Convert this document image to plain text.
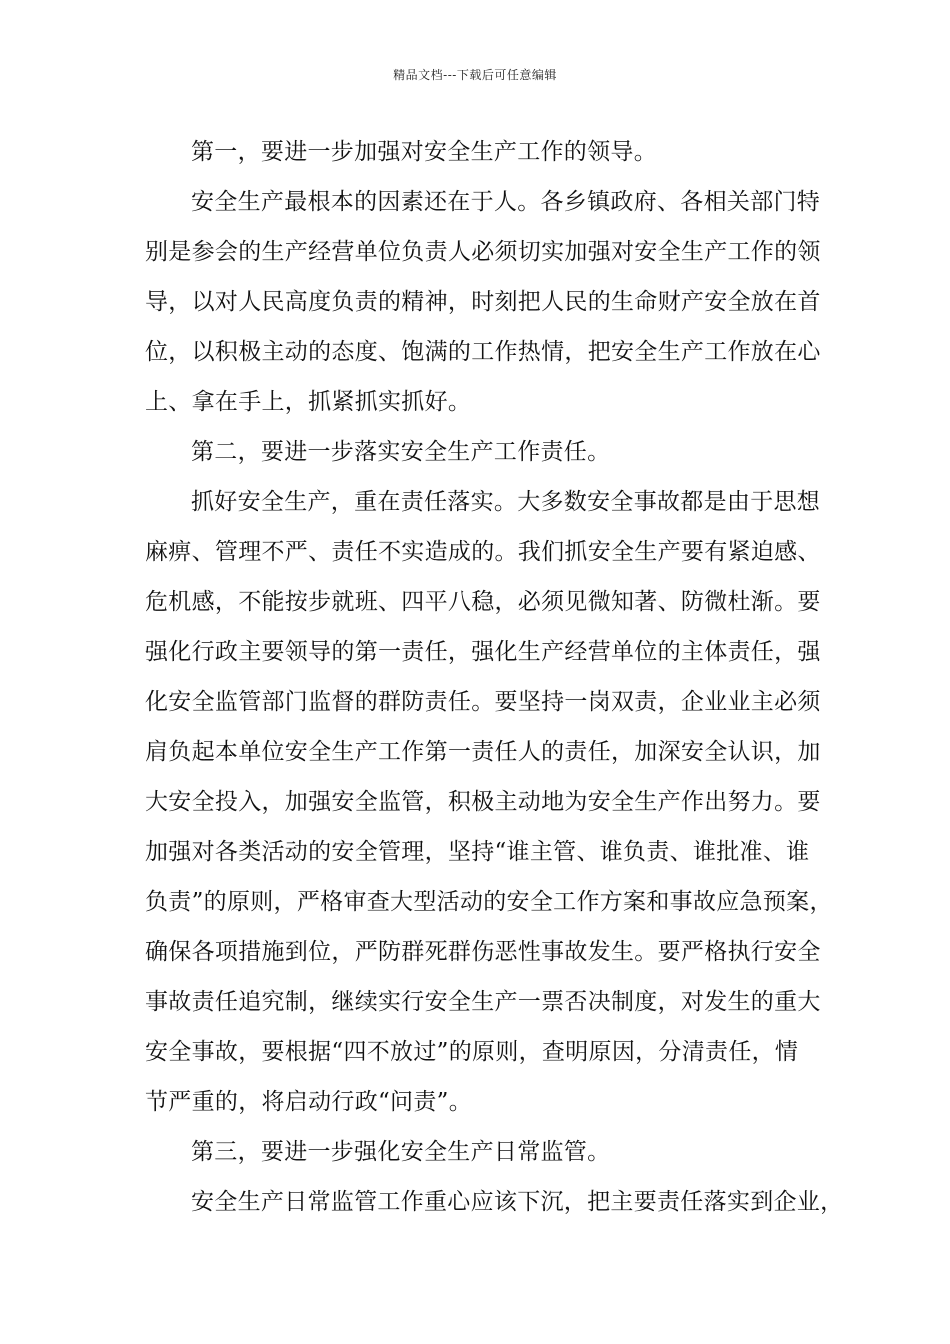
精品文档---下载后可任意编辑
第一，要进一步加强对安全生产工作的领导。
安全生产最根本的因素还在于人。各乡镇政府、各相关部门特
别是参会的生产经营单位负责人必须切实加强对安全生产工作的领
导，以对人民高度负责的精神，时刻把人民的生命财产安全放在首
位，以积极主动的态度、饱满的工作热情，把安全生产工作放在心
上、拿在手上，抓紧抓实抓好。
第二，要进一步落实安全生产工作责任。
抓好安全生产，重在责任落实。大多数安全事故都是由于思想
麻痹、管理不严、责任不实造成的。我们抓安全生产要有紧迫感、
危机感，不能按步就班、四平八稳，必须见微知著、防微杜渐。要
强化行政主要领导的第一责任，强化生产经营单位的主体责任，强
化安全监管部门监督的群防责任。要坚持一岗双责，企业业主必须
肩负起本单位安全生产工作第一责任人的责任，加深安全认识，加
大安全投入，加强安全监管，积极主动地为安全生产作出努力。要
加强对各类活动的安全管理，坚持“谁主管、谁负责、谁批准、谁
负责”的原则，严格审查大型活动的安全工作方案和事故应急预案，
确保各项措施到位，严防群死群伤恶性事故发生。要严格执行安全
事故责任追究制，继续实行安全生产一票否决制度，对发生的重大
安全事故，要根据“四不放过”的原则，查明原因，分清责任，情
节严重的，将启动行政“问责”。
第三，要进一步强化安全生产日常监管。
安全生产日常监管工作重心应该下沉，把主要责任落实到企业，
